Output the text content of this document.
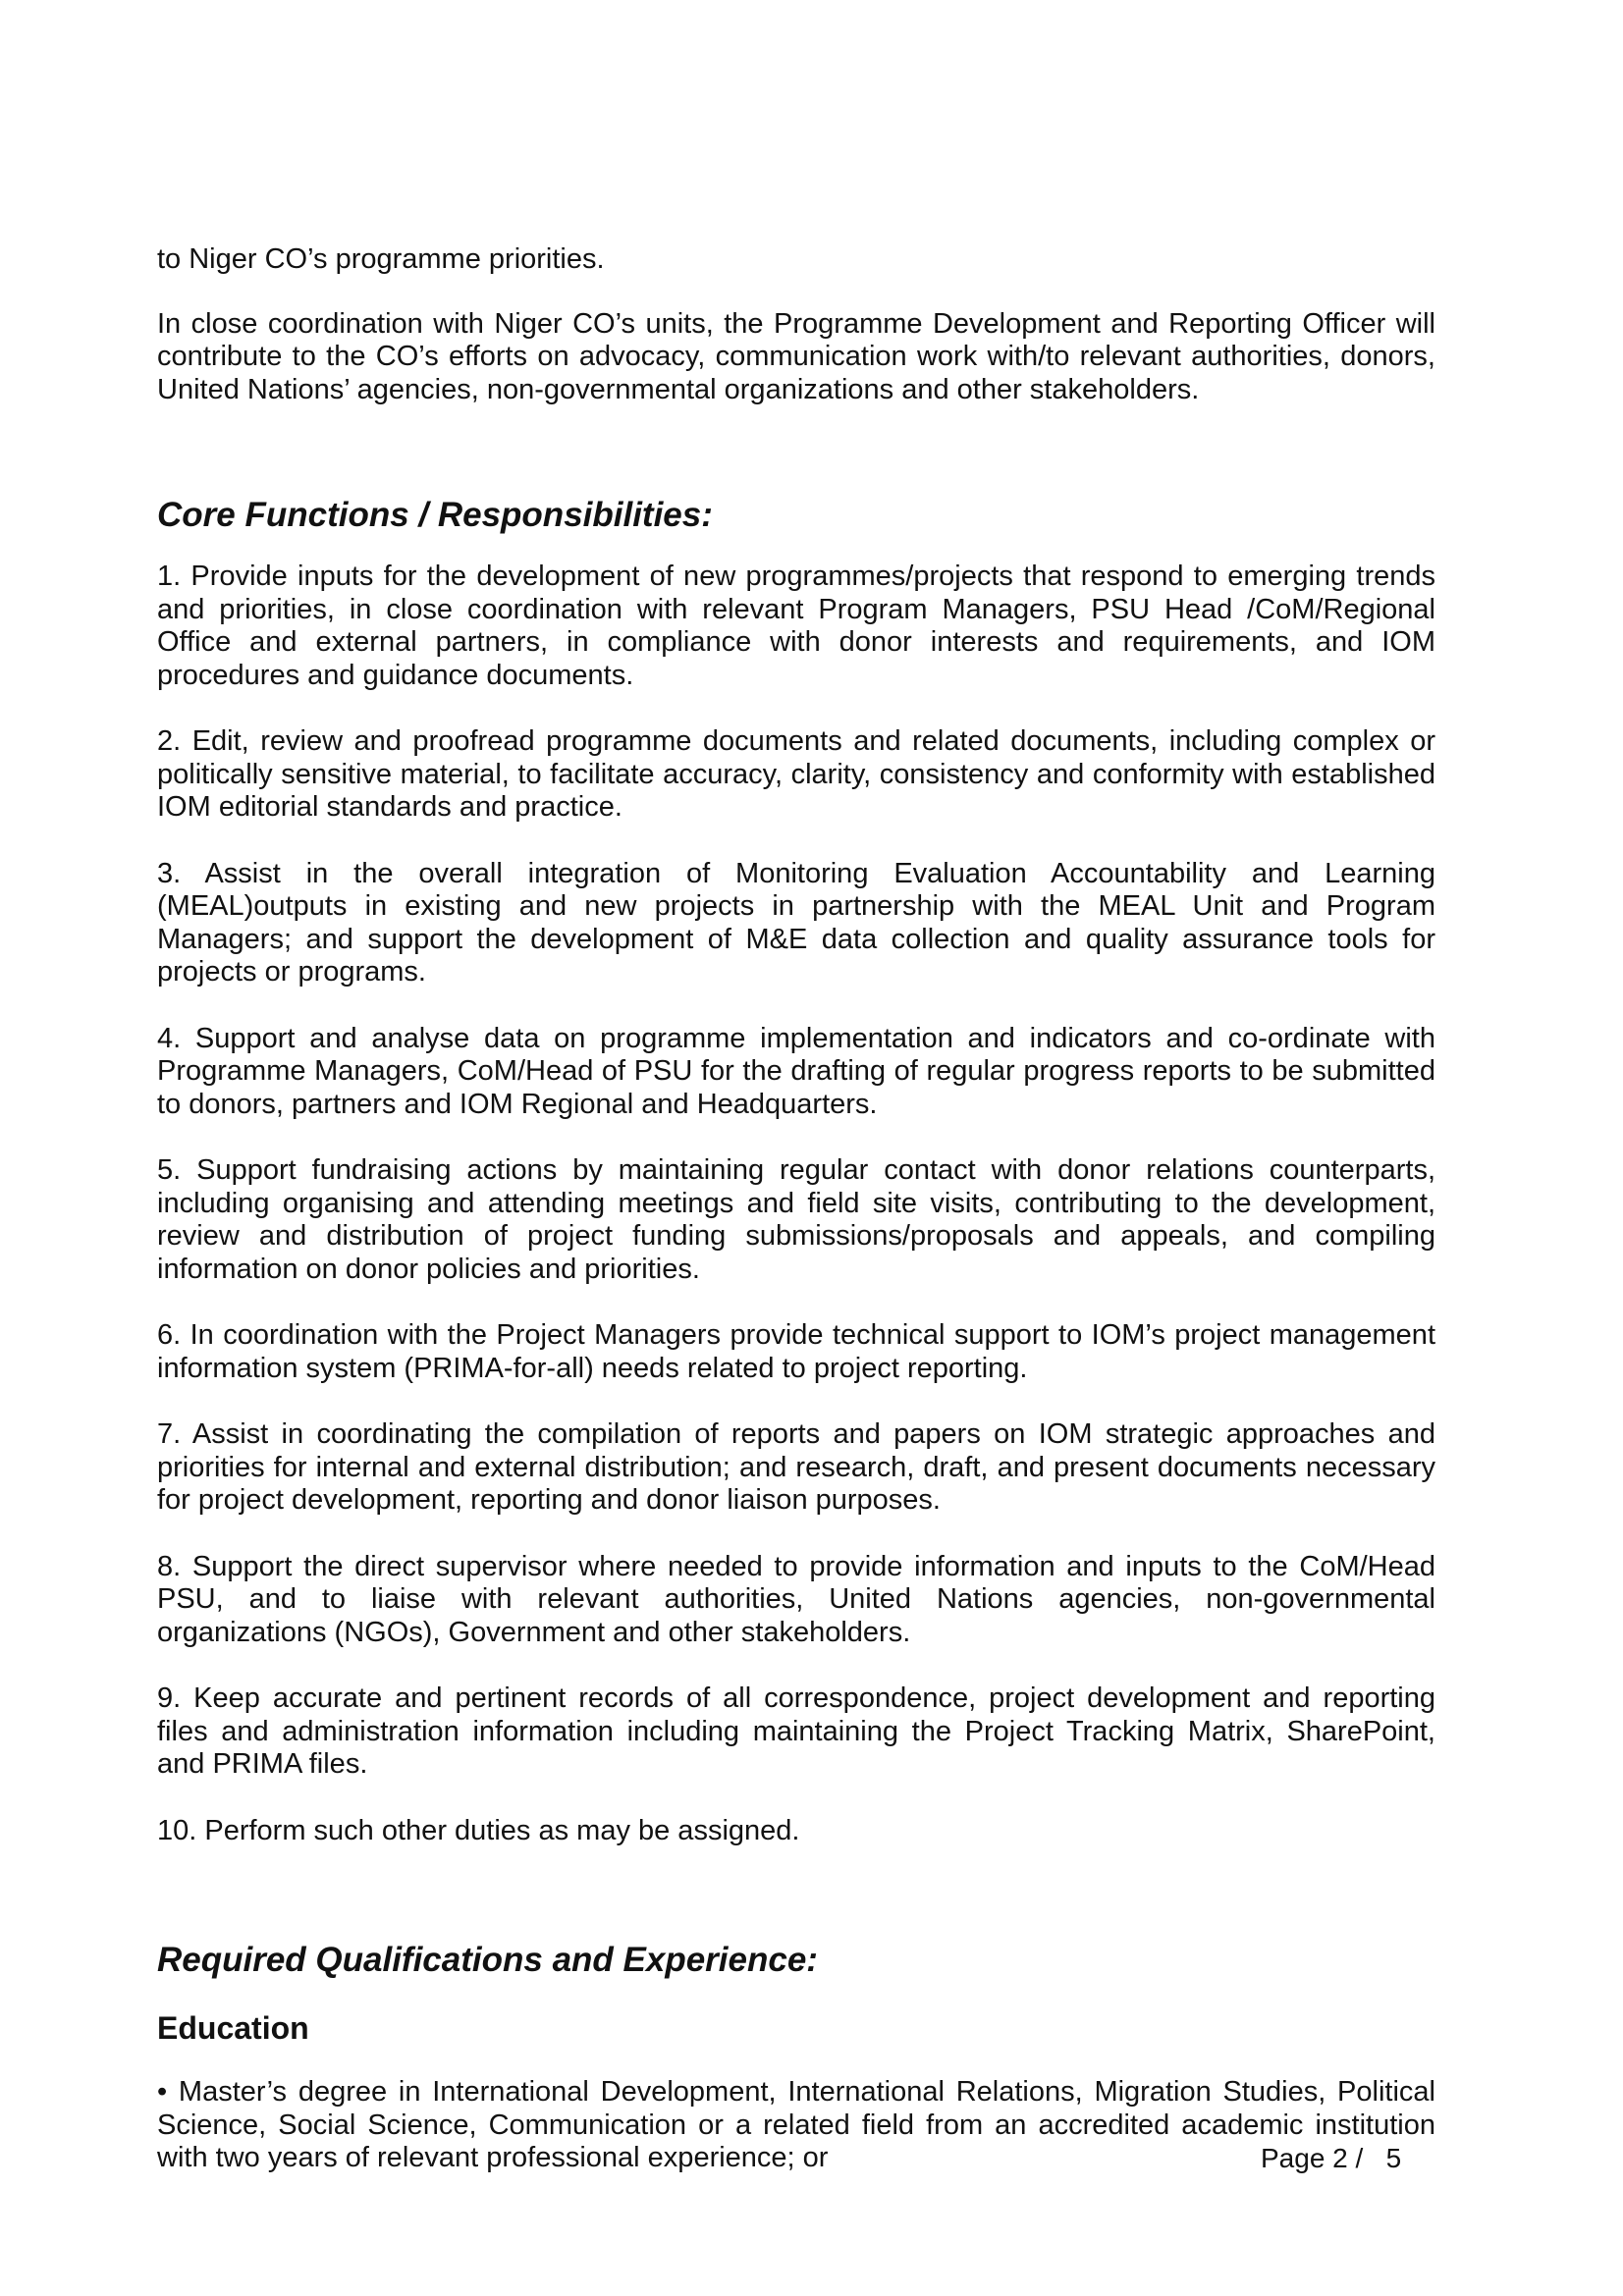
to Niger CO’s programme priorities.

In close coordination with Niger CO’s units, the Programme Development and Reporting Officer will contribute to the CO’s efforts on advocacy, communication work with/to relevant authorities, donors, United Nations’ agencies, non-governmental organizations and other stakeholders.

Core Functions / Responsibilities:

1. Provide inputs for the development of new programmes/projects that respond to emerging trends and priorities, in close coordination with relevant Program Managers, PSU Head /CoM/Regional Office and external partners, in compliance with donor interests and requirements, and IOM procedures and guidance documents.

2. Edit, review and proofread programme documents and related documents, including complex or politically sensitive material, to facilitate accuracy, clarity, consistency and conformity with established IOM editorial standards and practice.

3. Assist in the overall integration of Monitoring Evaluation Accountability and Learning (MEAL)outputs in existing and new projects in partnership with the MEAL Unit and Program Managers; and support the development of M&E data collection and quality assurance tools for projects or programs.

4. Support and analyse data on programme implementation and indicators and co-ordinate with Programme Managers, CoM/Head of PSU for the drafting of regular progress reports to be submitted to donors, partners and IOM Regional and Headquarters.

5. Support fundraising actions by maintaining regular contact with donor relations counterparts, including organising and attending meetings and field site visits, contributing to the development, review and distribution of project funding submissions/proposals and appeals, and compiling information on donor policies and priorities.

6. In coordination with the Project Managers provide technical support to IOM’s project management information system (PRIMA-for-all) needs related to project reporting.

7. Assist in coordinating the compilation of reports and papers on IOM strategic approaches and priorities for internal and external distribution; and research, draft, and present documents necessary for project development, reporting and donor liaison purposes.

8. Support the direct supervisor where needed to provide information and inputs to the CoM/Head PSU, and to liaise with relevant authorities, United Nations agencies, non-governmental organizations (NGOs), Government and other stakeholders.

9. Keep accurate and pertinent records of all correspondence, project development and reporting files and administration information including maintaining the Project Tracking Matrix, SharePoint, and PRIMA files.

10. Perform such other duties as may be assigned.

Required Qualifications and Experience:
Education

• Master’s degree in International Development, International Relations, Migration Studies, Political Science, Social Science, Communication or a related field from an accredited academic institution with two years of relevant professional experience; or	Page 2 /   5
